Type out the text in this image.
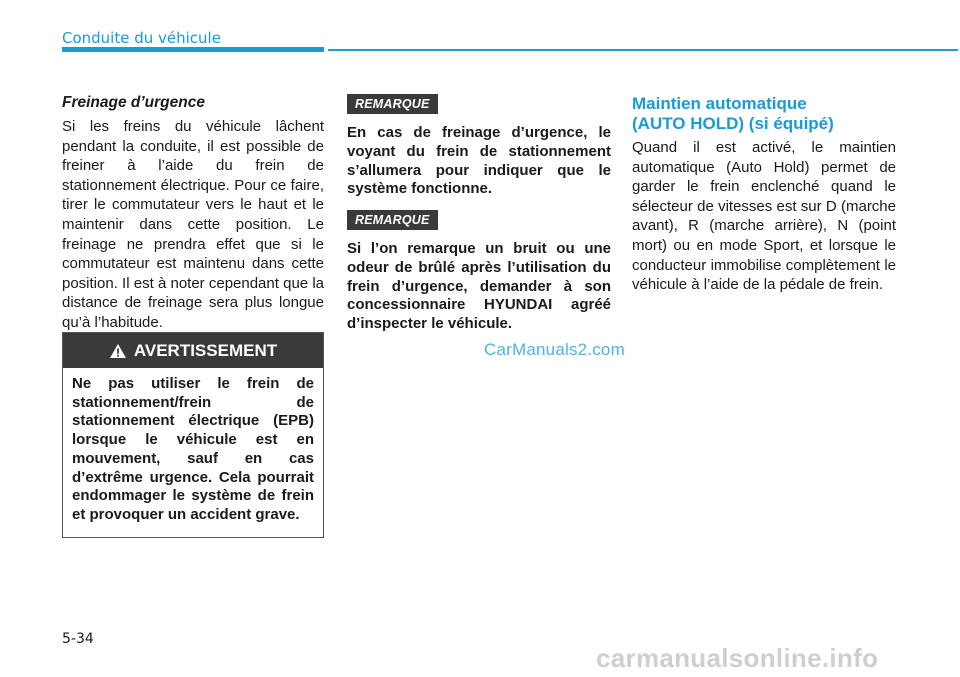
Conduite du véhicule
Freinage d’urgence

Si les freins du véhicule lâchent pendant la conduite, il est possible de freiner à l’aide du frein de stationnement électrique. Pour ce faire, tirer le commutateur vers le haut et le maintenir dans cette position. Le freinage ne prendra effet que si le commutateur est maintenu dans cette position. Il est à noter cependant que la distance de freinage sera plus longue qu’à l’habitude.

AVERTISSEMENT
Ne pas utiliser le frein de stationnement/frein de stationnement électrique (EPB) lorsque le véhicule est en mouvement, sauf en cas d’extrême urgence. Cela pourrait endommager le système de frein et provoquer un accident grave.
REMARQUE
En cas de freinage d’urgence, le voyant du frein de stationnement s’allumera pour indiquer que le système fonctionne.
REMARQUE
Si l’on remarque un bruit ou une odeur de brûlé après l’utilisation du frein d’urgence, demander à son concessionnaire HYUNDAI agréé d’inspecter le véhicule.
CarManuals2.com
Maintien automatique
(AUTO HOLD) (si équipé)

Quand il est activé, le maintien automatique (Auto Hold) permet de garder le frein enclenché quand le sélecteur de vitesses est sur D (marche avant), R (marche arrière), N (point mort) ou en mode Sport, et lorsque le conducteur immobilise complètement le véhicule à l’aide de la pédale de frein.

5-34
carmanualsonline.info
